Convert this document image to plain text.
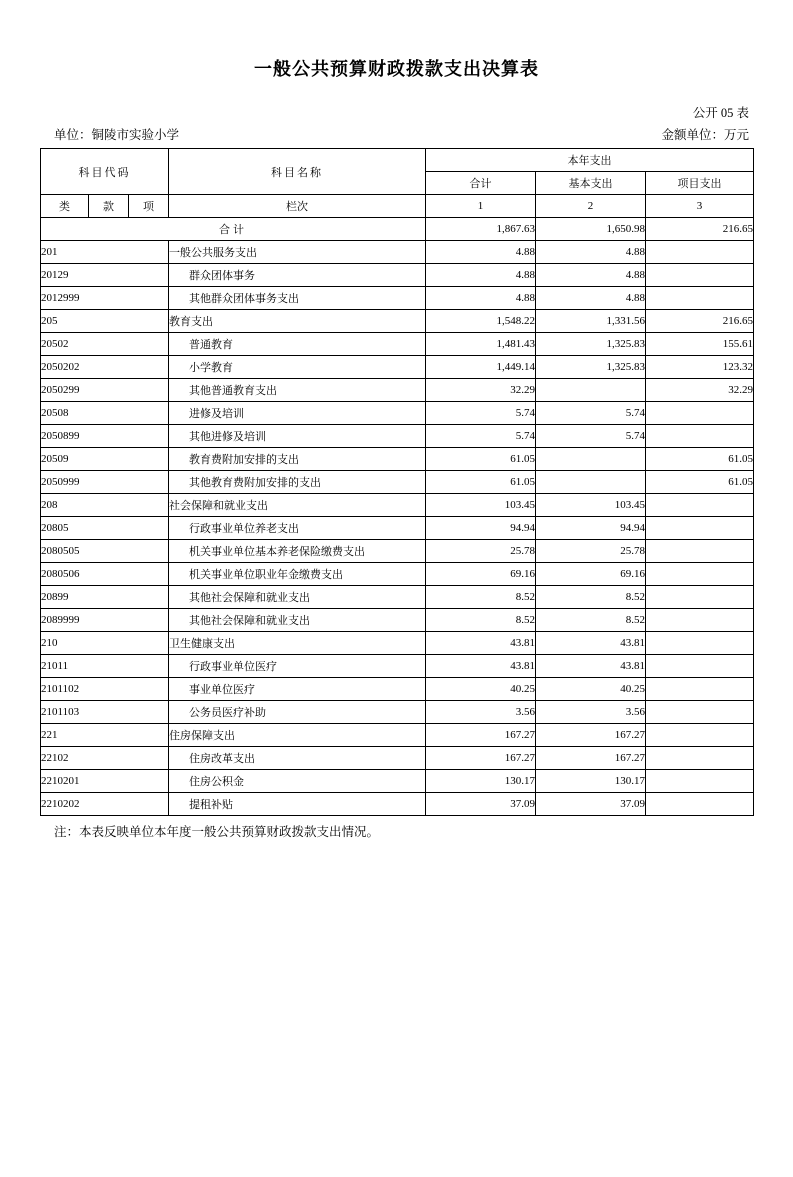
一般公共预算财政拨款支出决算表
公开 05 表
单位：铜陵市实验小学	金额单位：万元
科目代码			科目名称	本年支出		
				合计	基本支出	项目支出
类	款	项	栏次	1	2	3
合计				1,867.63	1,650.98	216.65
201			一般公共服务支出	4.88	4.88	
20129			群众团体事务	4.88	4.88	
2012999			其他群众团体事务支出	4.88	4.88	
205			教育支出	1,548.22	1,331.56	216.65
20502			普通教育	1,481.43	1,325.83	155.61
2050202			小学教育	1,449.14	1,325.83	123.32
2050299			其他普通教育支出	32.29		32.29
20508			进修及培训	5.74	5.74	
2050899			其他进修及培训	5.74	5.74	
20509			教育费附加安排的支出	61.05		61.05
2050999			其他教育费附加安排的支出	61.05		61.05
208			社会保障和就业支出	103.45	103.45	
20805			行政事业单位养老支出	94.94	94.94	
2080505			机关事业单位基本养老保险缴费支出	25.78	25.78	
2080506			机关事业单位职业年金缴费支出	69.16	69.16	
20899			其他社会保障和就业支出	8.52	8.52	
2089999			其他社会保障和就业支出	8.52	8.52	
210			卫生健康支出	43.81	43.81	
21011			行政事业单位医疗	43.81	43.81	
2101102			事业单位医疗	40.25	40.25	
2101103			公务员医疗补助	3.56	3.56	
221			住房保障支出	167.27	167.27	
22102			住房改革支出	167.27	167.27	
2210201			住房公积金	130.17	130.17	
2210202			提租补贴	37.09	37.09	
注：本表反映单位本年度一般公共预算财政拨款支出情况。
